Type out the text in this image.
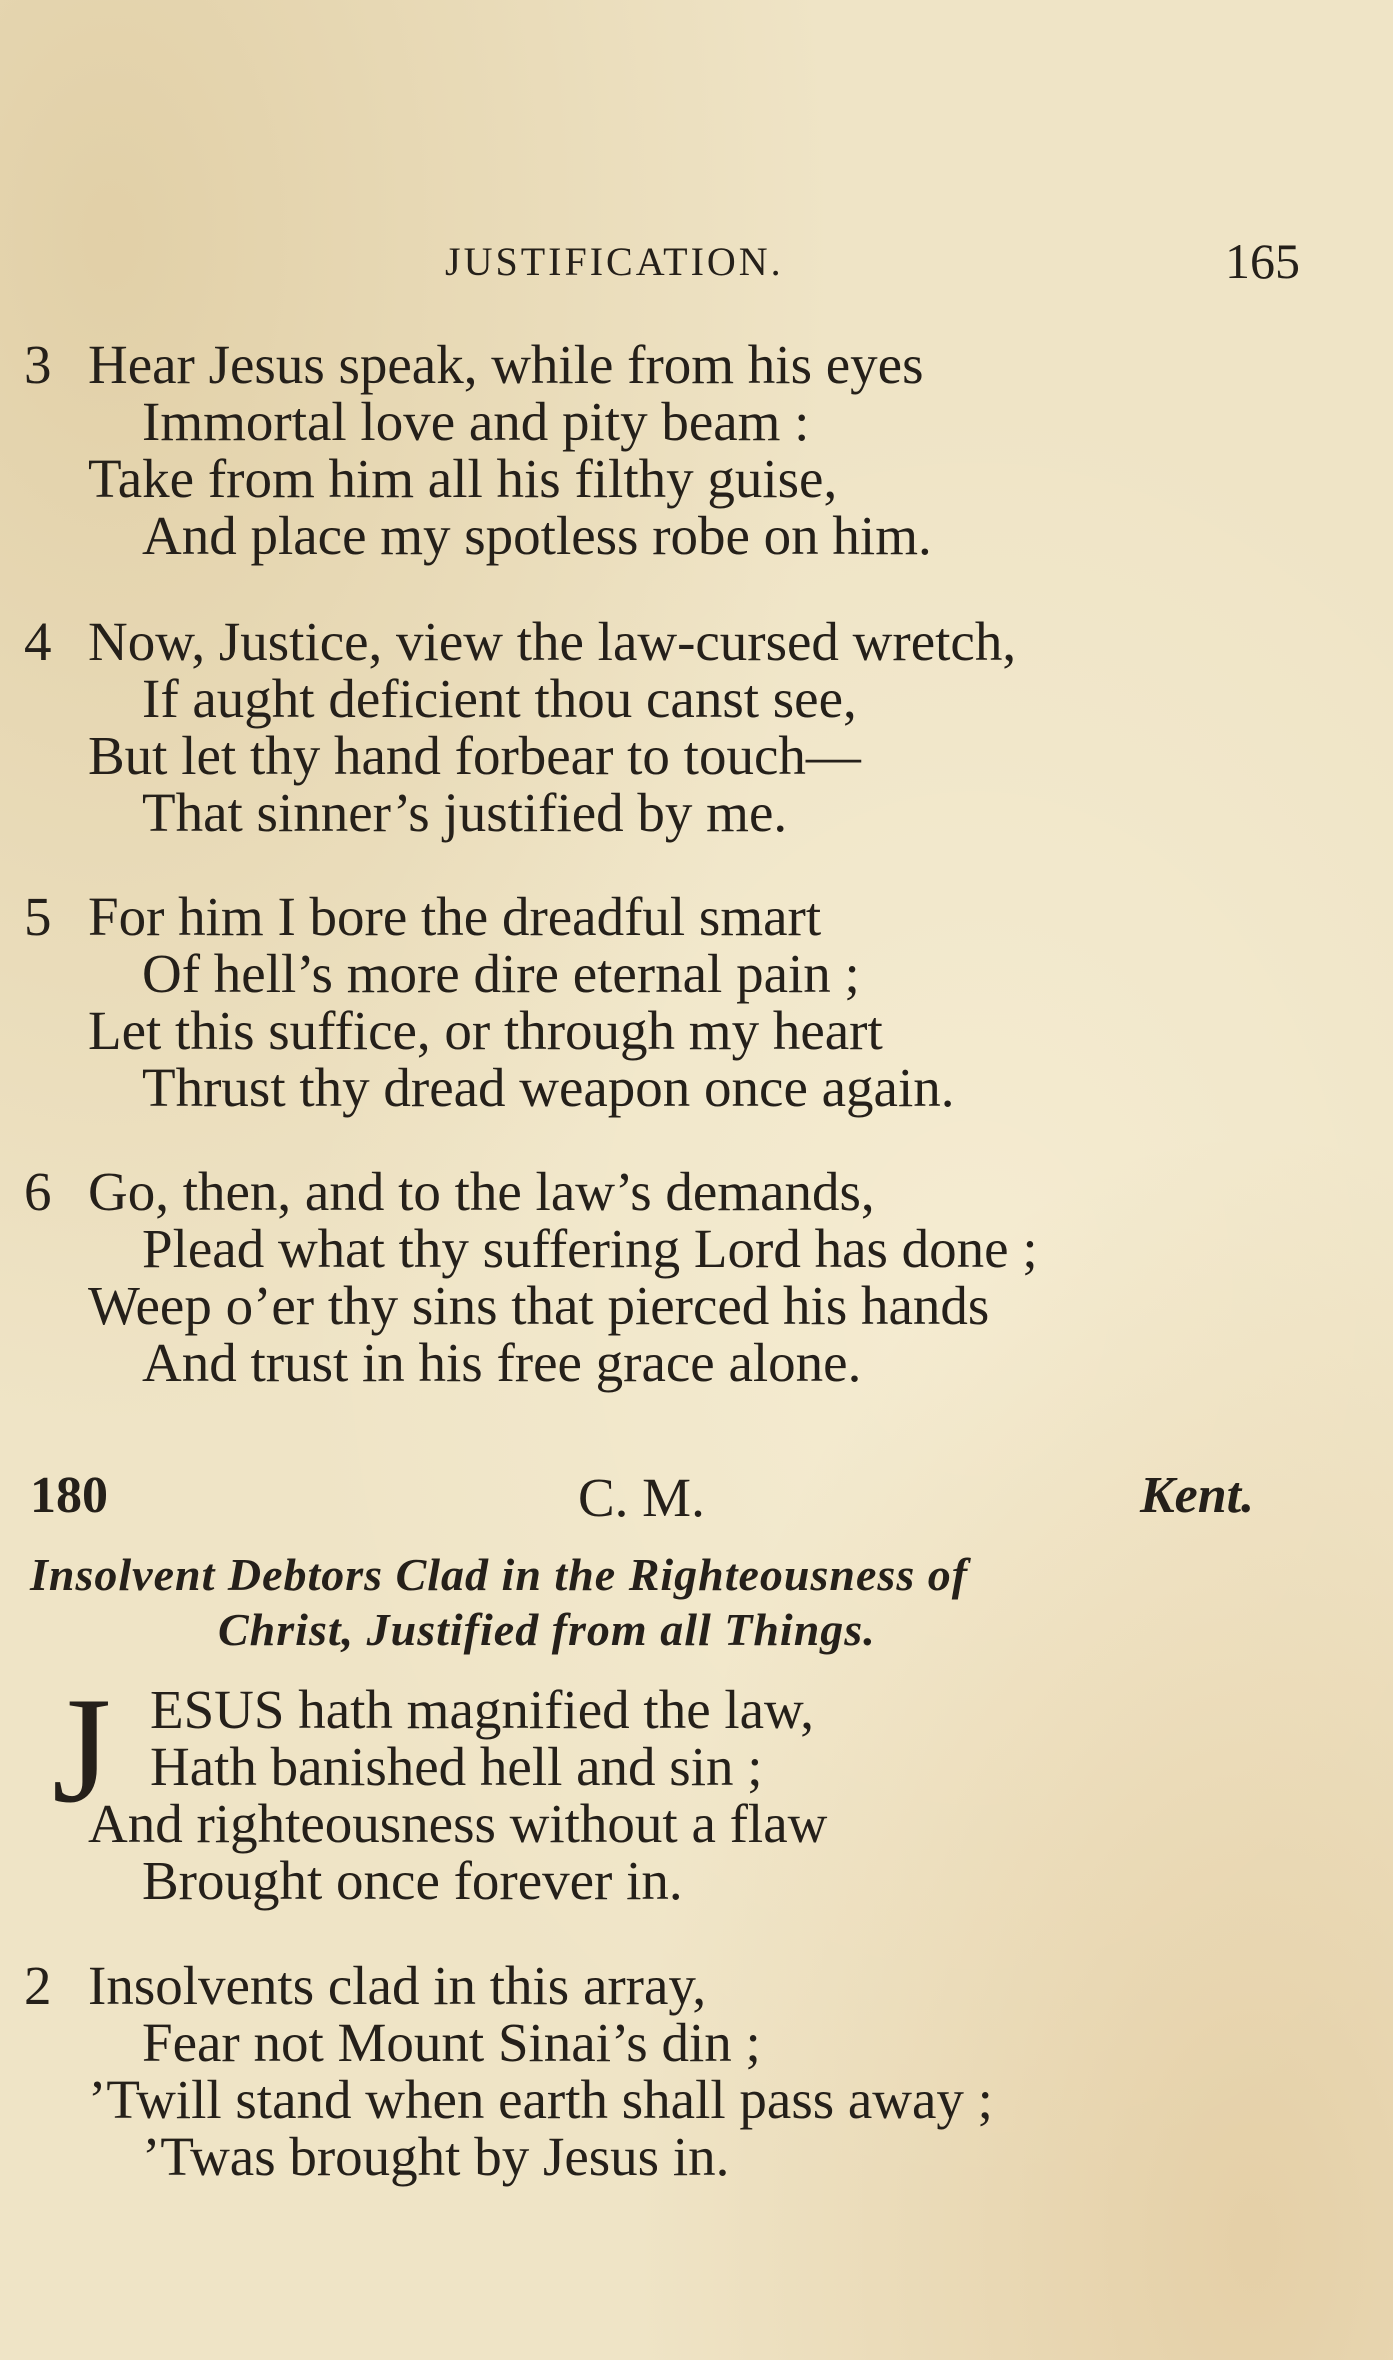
JUSTIFICATION.	165
3 Hear Jesus speak, while from his eyes
Immortal love and pity beam :
Take from him all his filthy guise,
And place my spotless robe on him.
4 Now, Justice, view the law-cursed wretch,
If aught deficient thou canst see,
But let thy hand forbear to touch—
That sinner’s justified by me.
5 For him I bore the dreadful smart
Of hell’s more dire eternal pain ;
Let this suffice, or through my heart
Thrust thy dread weapon once again.
6 Go, then, and to the law’s demands,
Plead what thy suffering Lord has done ;
Weep o’er thy sins that pierced his hands
And trust in his free grace alone.
180	C. M.	Kent.
Insolvent Debtors Clad in the Righteousness of
Christ, Justified from all Things.
J ESUS hath magnified the law,
Hath banished hell and sin ;
And righteousness without a flaw
Brought once forever in.
2 Insolvents clad in this array,
Fear not Mount Sinai’s din ;
’Twill stand when earth shall pass away ;
’Twas brought by Jesus in.
